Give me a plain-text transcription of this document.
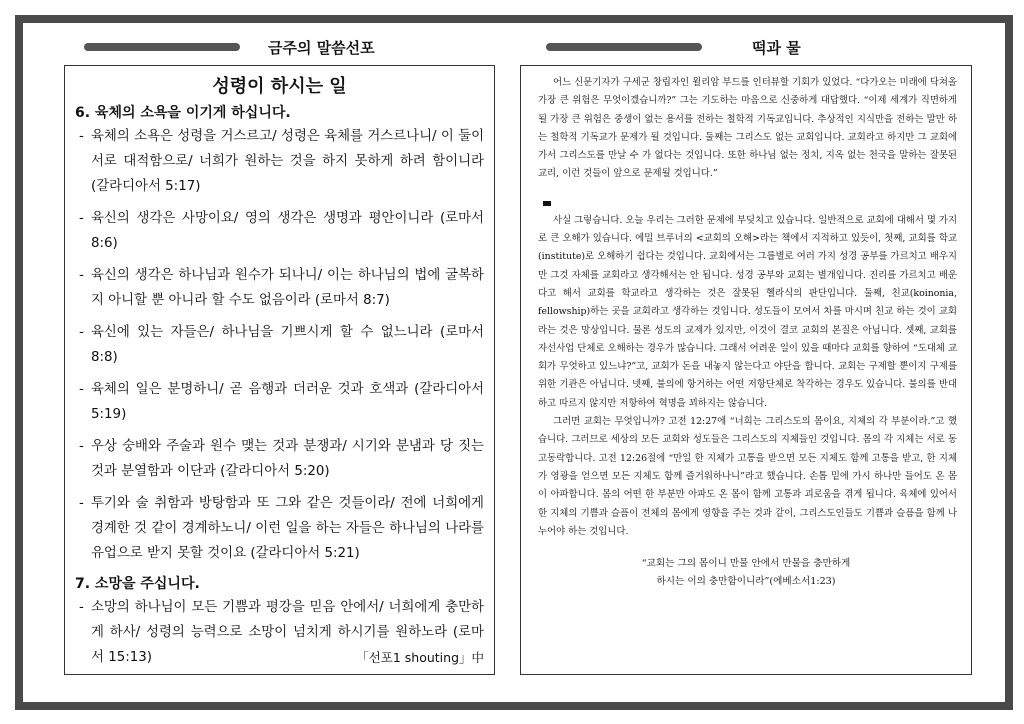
금주의 말씀선포	떡과 물
성령이 하시는 일
6. 육체의 소욕을 이기게 하십니다.
- 육체의 소욕은 성령을 거스르고/ 성령은 육체를 거스르나니/ 이 둘이 서로 대적함으로/ 너희가 원하는 것을 하지 못하게 하려 함이니라 (갈라디아서 5:17)
- 육신의 생각은 사망이요/ 영의 생각은 생명과 평안이니라 (로마서 8:6)
- 육신의 생각은 하나님과 원수가 되나니/ 이는 하나님의 법에 굴복하지 아니할 뿐 아니라 할 수도 없음이라 (로마서 8:7)
- 육신에 있는 자들은/ 하나님을 기쁘시게 할 수 없느니라 (로마서 8:8)
- 육체의 일은 분명하니/ 곧 음행과 더러운 것과 호색과 (갈라디아서 5:19)
- 우상 숭배와 주술과 원수 맺는 것과 분쟁과/ 시기와 분냄과 당 짓는 것과 분열함과 이단과 (갈라디아서 5:20)
- 투기와 술 취함과 방탕함과 또 그와 같은 것들이라/ 전에 너희에게 경계한 것 같이 경계하노니/ 이런 일을 하는 자들은 하나님의 나라를 유업으로 받지 못할 것이요 (갈라디아서 5:21)
7. 소망을 주십니다.
- 소망의 하나님이 모든 기쁨과 평강을 믿음 안에서/ 너희에게 충만하게 하사/ 성령의 능력으로 소망이 넘치게 하시기를 원하노라 (로마서 15:13)	「선포1 shouting」中

어느 신문기자가 구세군 창립자인 윌리암 부드를 인터뷰할 기회가 있었다. “다가오는 미래에 닥쳐올 가장 큰 위험은 무엇이겠습니까?” 그는 기도하는 마음으로 신중하게 대답했다. “이제 세계가 직면하게 될 가장 큰 위험은 중생이 없는 용서를 전하는 철학적 기독교입니다. 추상적인 지식만을 전하는 말만 하는 철학적 기독교가 문제가 될 것입니다. 둘째는 그리스도 없는 교회입니다. 교회라고 하지만 그 교회에 가서 그리스도를 만날 수 가 없다는 것입니다. 또한 하나님 없는 정치, 지옥 없는 천국을 말하는 잘못된 교리, 이런 것들이 앞으로 문제될 것입니다.”

사실 그렇습니다. 오늘 우리는 그러한 문제에 부딪치고 있습니다. 일반적으로 교회에 대해서 몇 가지로 큰 오해가 있습니다. 에밀 브루너의 <교회의 오해>라는 책에서 지적하고 있듯이, 첫째, 교회를 학교(institute)로 오해하기 쉽다는 것입니다. 교회에서는 그룹별로 여러 가지 성경 공부를 가르치고 배우지만 그것 자체를 교회라고 생각해서는 안 됩니다. 성경 공부와 교회는 별개입니다. 진리를 가르치고 배운다고 해서 교회를 학교라고 생각하는 것은 잘못된 헬라식의 판단입니다. 둘째, 친교(koinonia, fellowship)하는 곳을 교회라고 생각하는 것입니다. 성도들이 모여서 차를 마시며 친교 하는 것이 교회라는 것은 망상입니다. 물론 성도의 교제가 있지만, 이것이 결코 교회의 본질은 아닙니다. 셋째, 교회를 자선사업 단체로 오해하는 경우가 많습니다. 그래서 어려운 일이 있을 때마다 교회를 향하여 “도대체 교회가 무엇하고 있느냐?”고, 교회가 돈을 내놓지 않는다고 야단을 합니다. 교회는 구제할 뿐이지 구제를 위한 기관은 아닙니다. 넷째, 불의에 항거하는 어떤 저항단체로 착각하는 경우도 있습니다. 불의를 반대하고 따르지 않지만 저항하여 혁명을 꾀하지는 않습니다.

그러면 교회는 무엇입니까? 고전 12:27에 “너희는 그리스도의 몸이요, 지체의 각 부분이라.”고 했습니다. 그러므로 세상의 모든 교회와 성도들은 그리스도의 지체들인 것입니다. 몸의 각 지체는 서로 동고동락합니다. 고전 12:26절에 “만일 한 지체가 고통을 받으면 모든 지체도 함께 고통을 받고, 한 지체가 영광을 얻으면 모든 지체도 함께 즐거워하나니”라고 했습니다. 손톱 밑에 가시 하나만 들어도 온 몸이 아파합니다. 몸의 어떤 한 부분만 아파도 온 몸이 함께 고통과 괴로움을 겪게 됩니다. 육체에 있어서 한 지체의 기쁨과 슬픔이 전체의 몸에게 영향을 주는 것과 같이, 그리스도인들도 기쁨과 슬픔을 함께 나누어야 하는 것입니다.

“교회는 그의 몸이니 만물 안에서 만물을 충만하게
하시는 이의 충만함이니라”(에베소서1:23)
